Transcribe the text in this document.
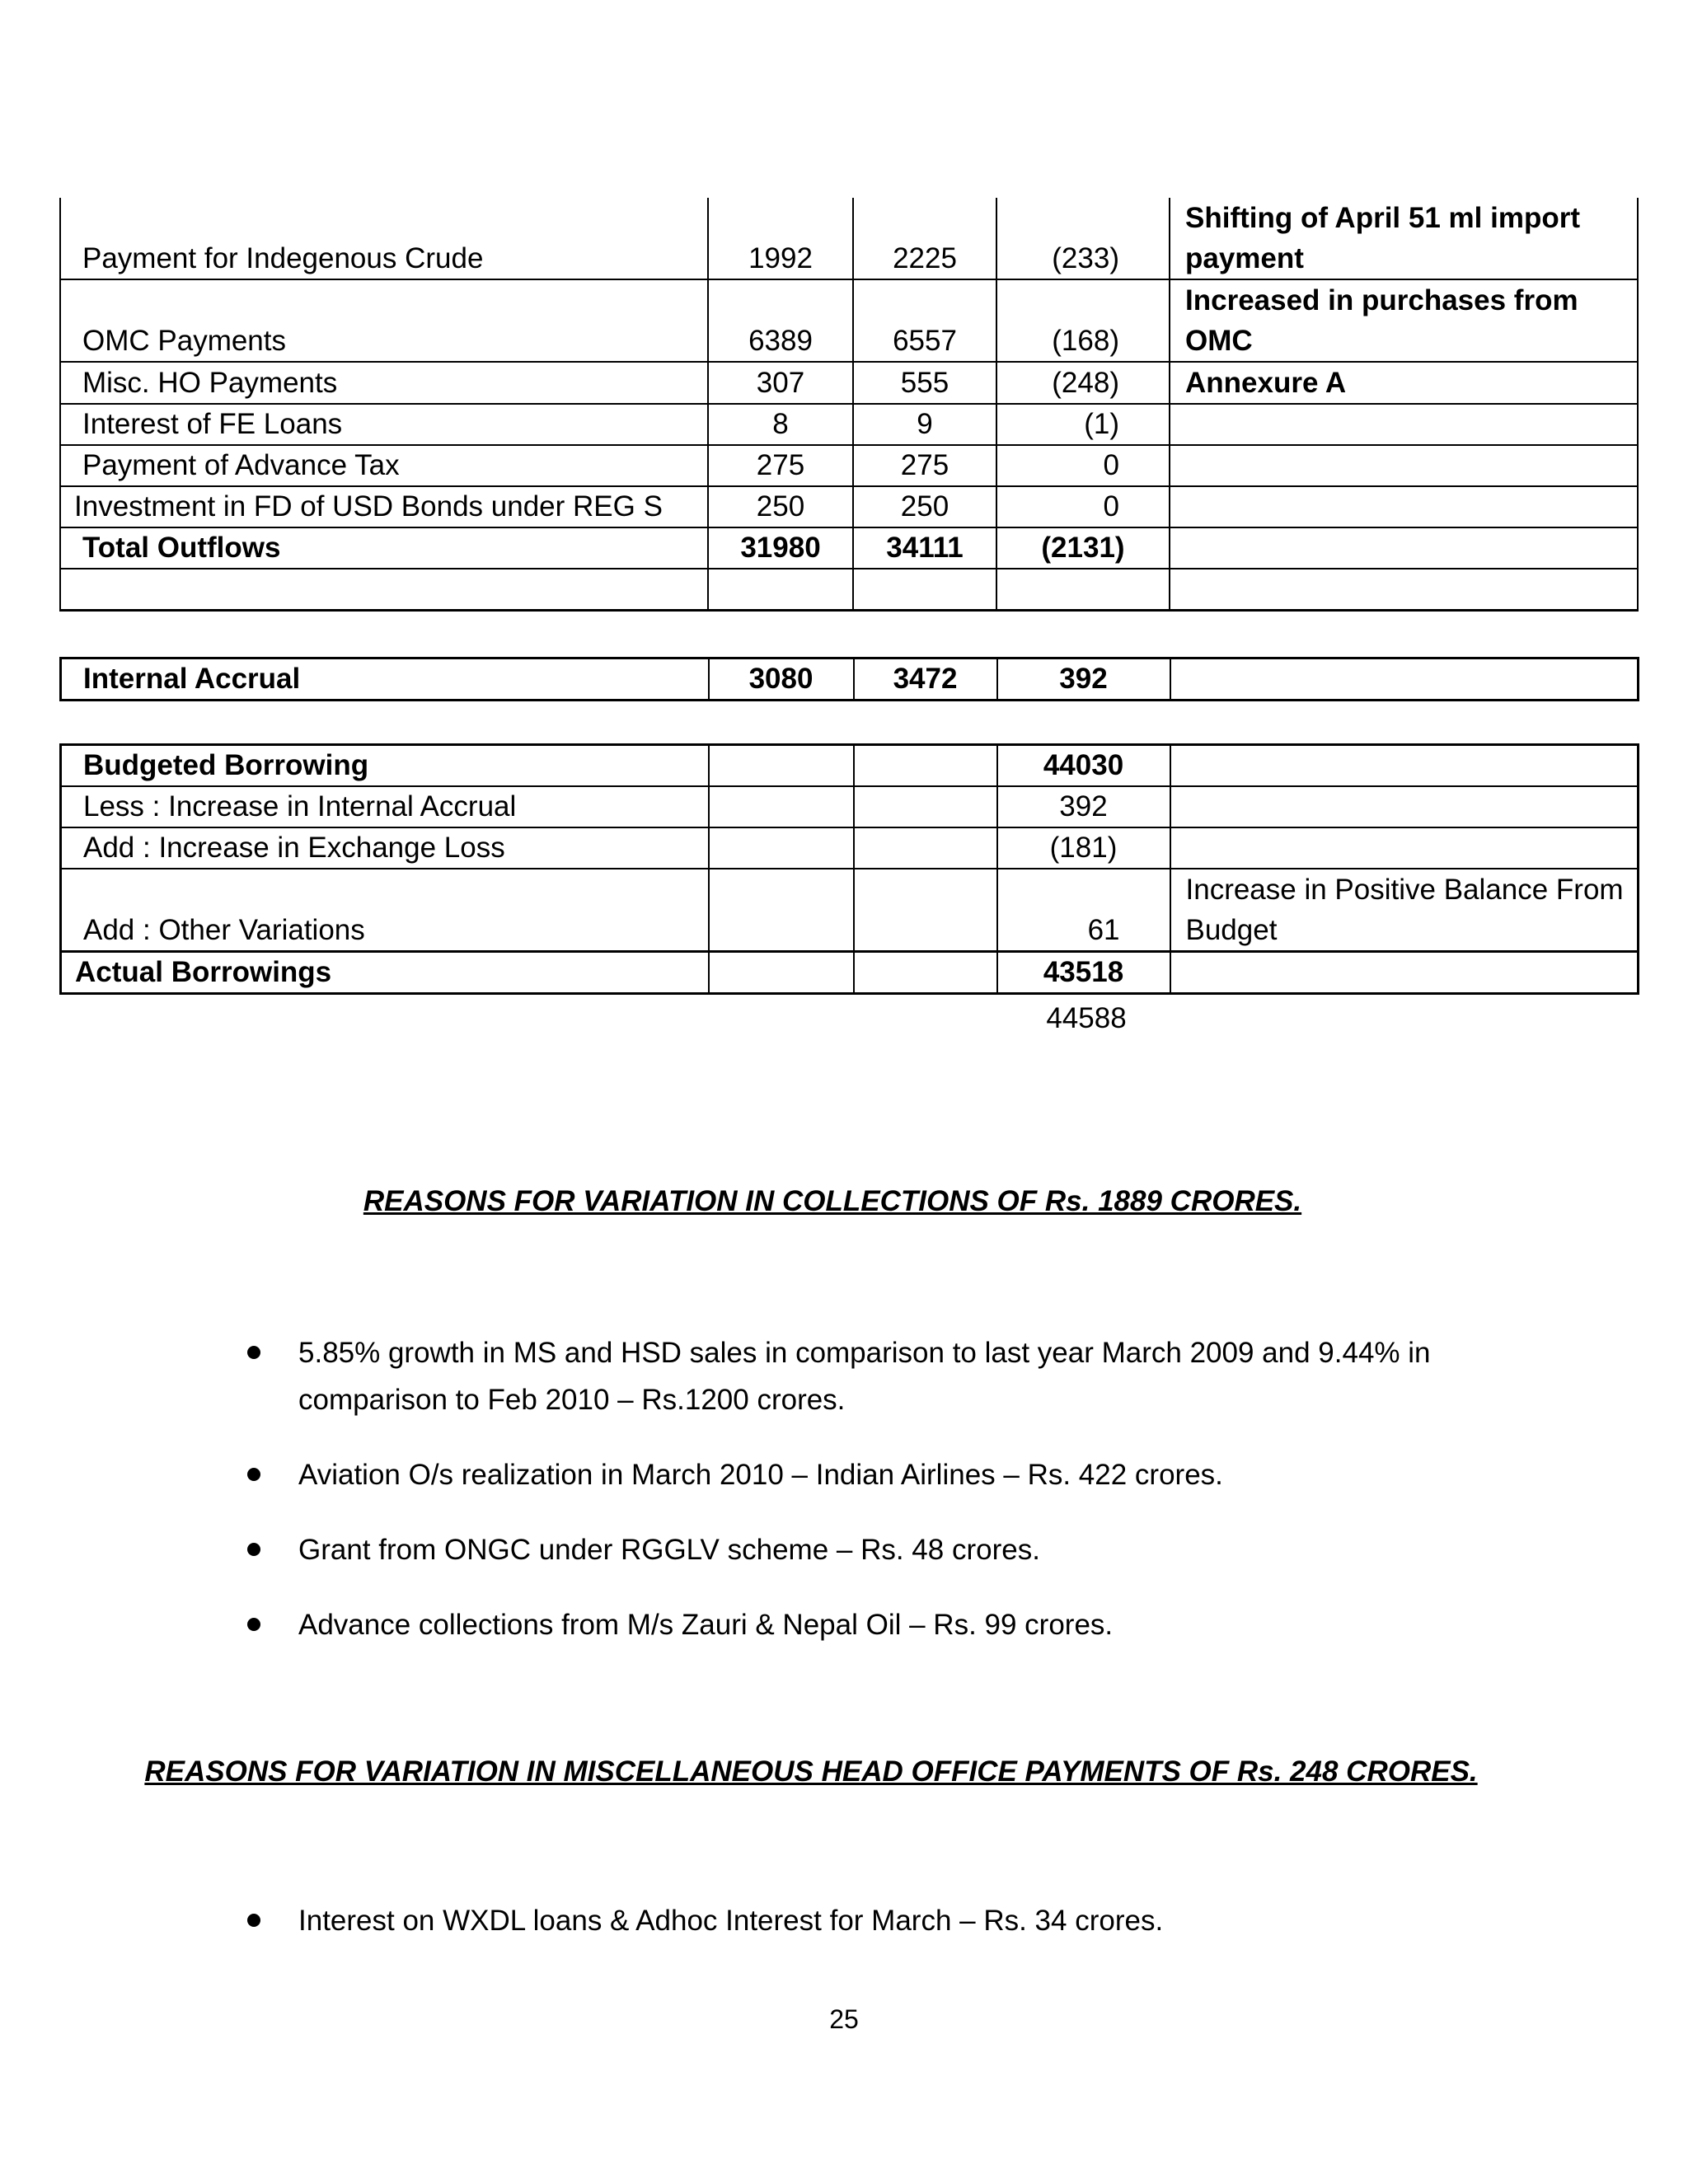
Payment for Indegenous Crude	1992	2225	(233)	Shifting of April 51 ml import payment
OMC Payments	6389	6557	(168)	Increased in purchases from OMC
Misc. HO Payments	307	555	(248)	Annexure A
Interest of FE Loans	8	9	(1)	
Payment of Advance Tax	275	275	0	
Investment in FD of USD Bonds under REG S	250	250	0	
Total Outflows	31980	34111	(2131)	

Internal Accrual	3080	3472	392	
Budgeted Borrowing			44030	
Less : Increase in Internal Accrual			392	
Add : Increase in Exchange Loss			(181)	
Add : Other Variations			61	Increase in Positive Balance From Budget
Actual Borrowings			43518	
44588
REASONS FOR VARIATION IN COLLECTIONS OF Rs. 1889 CRORES.
5.85% growth in MS and HSD sales in comparison to last year March 2009 and 9.44% in comparison to Feb 2010 – Rs.1200 crores.
Aviation O/s realization in March 2010 – Indian Airlines – Rs. 422 crores.
Grant from ONGC under RGGLV scheme – Rs. 48 crores.
Advance collections from M/s Zauri & Nepal Oil – Rs. 99 crores.
REASONS FOR VARIATION IN MISCELLANEOUS HEAD OFFICE PAYMENTS OF Rs. 248 CRORES.
Interest on WXDL loans & Adhoc Interest for March – Rs. 34 crores.
25
